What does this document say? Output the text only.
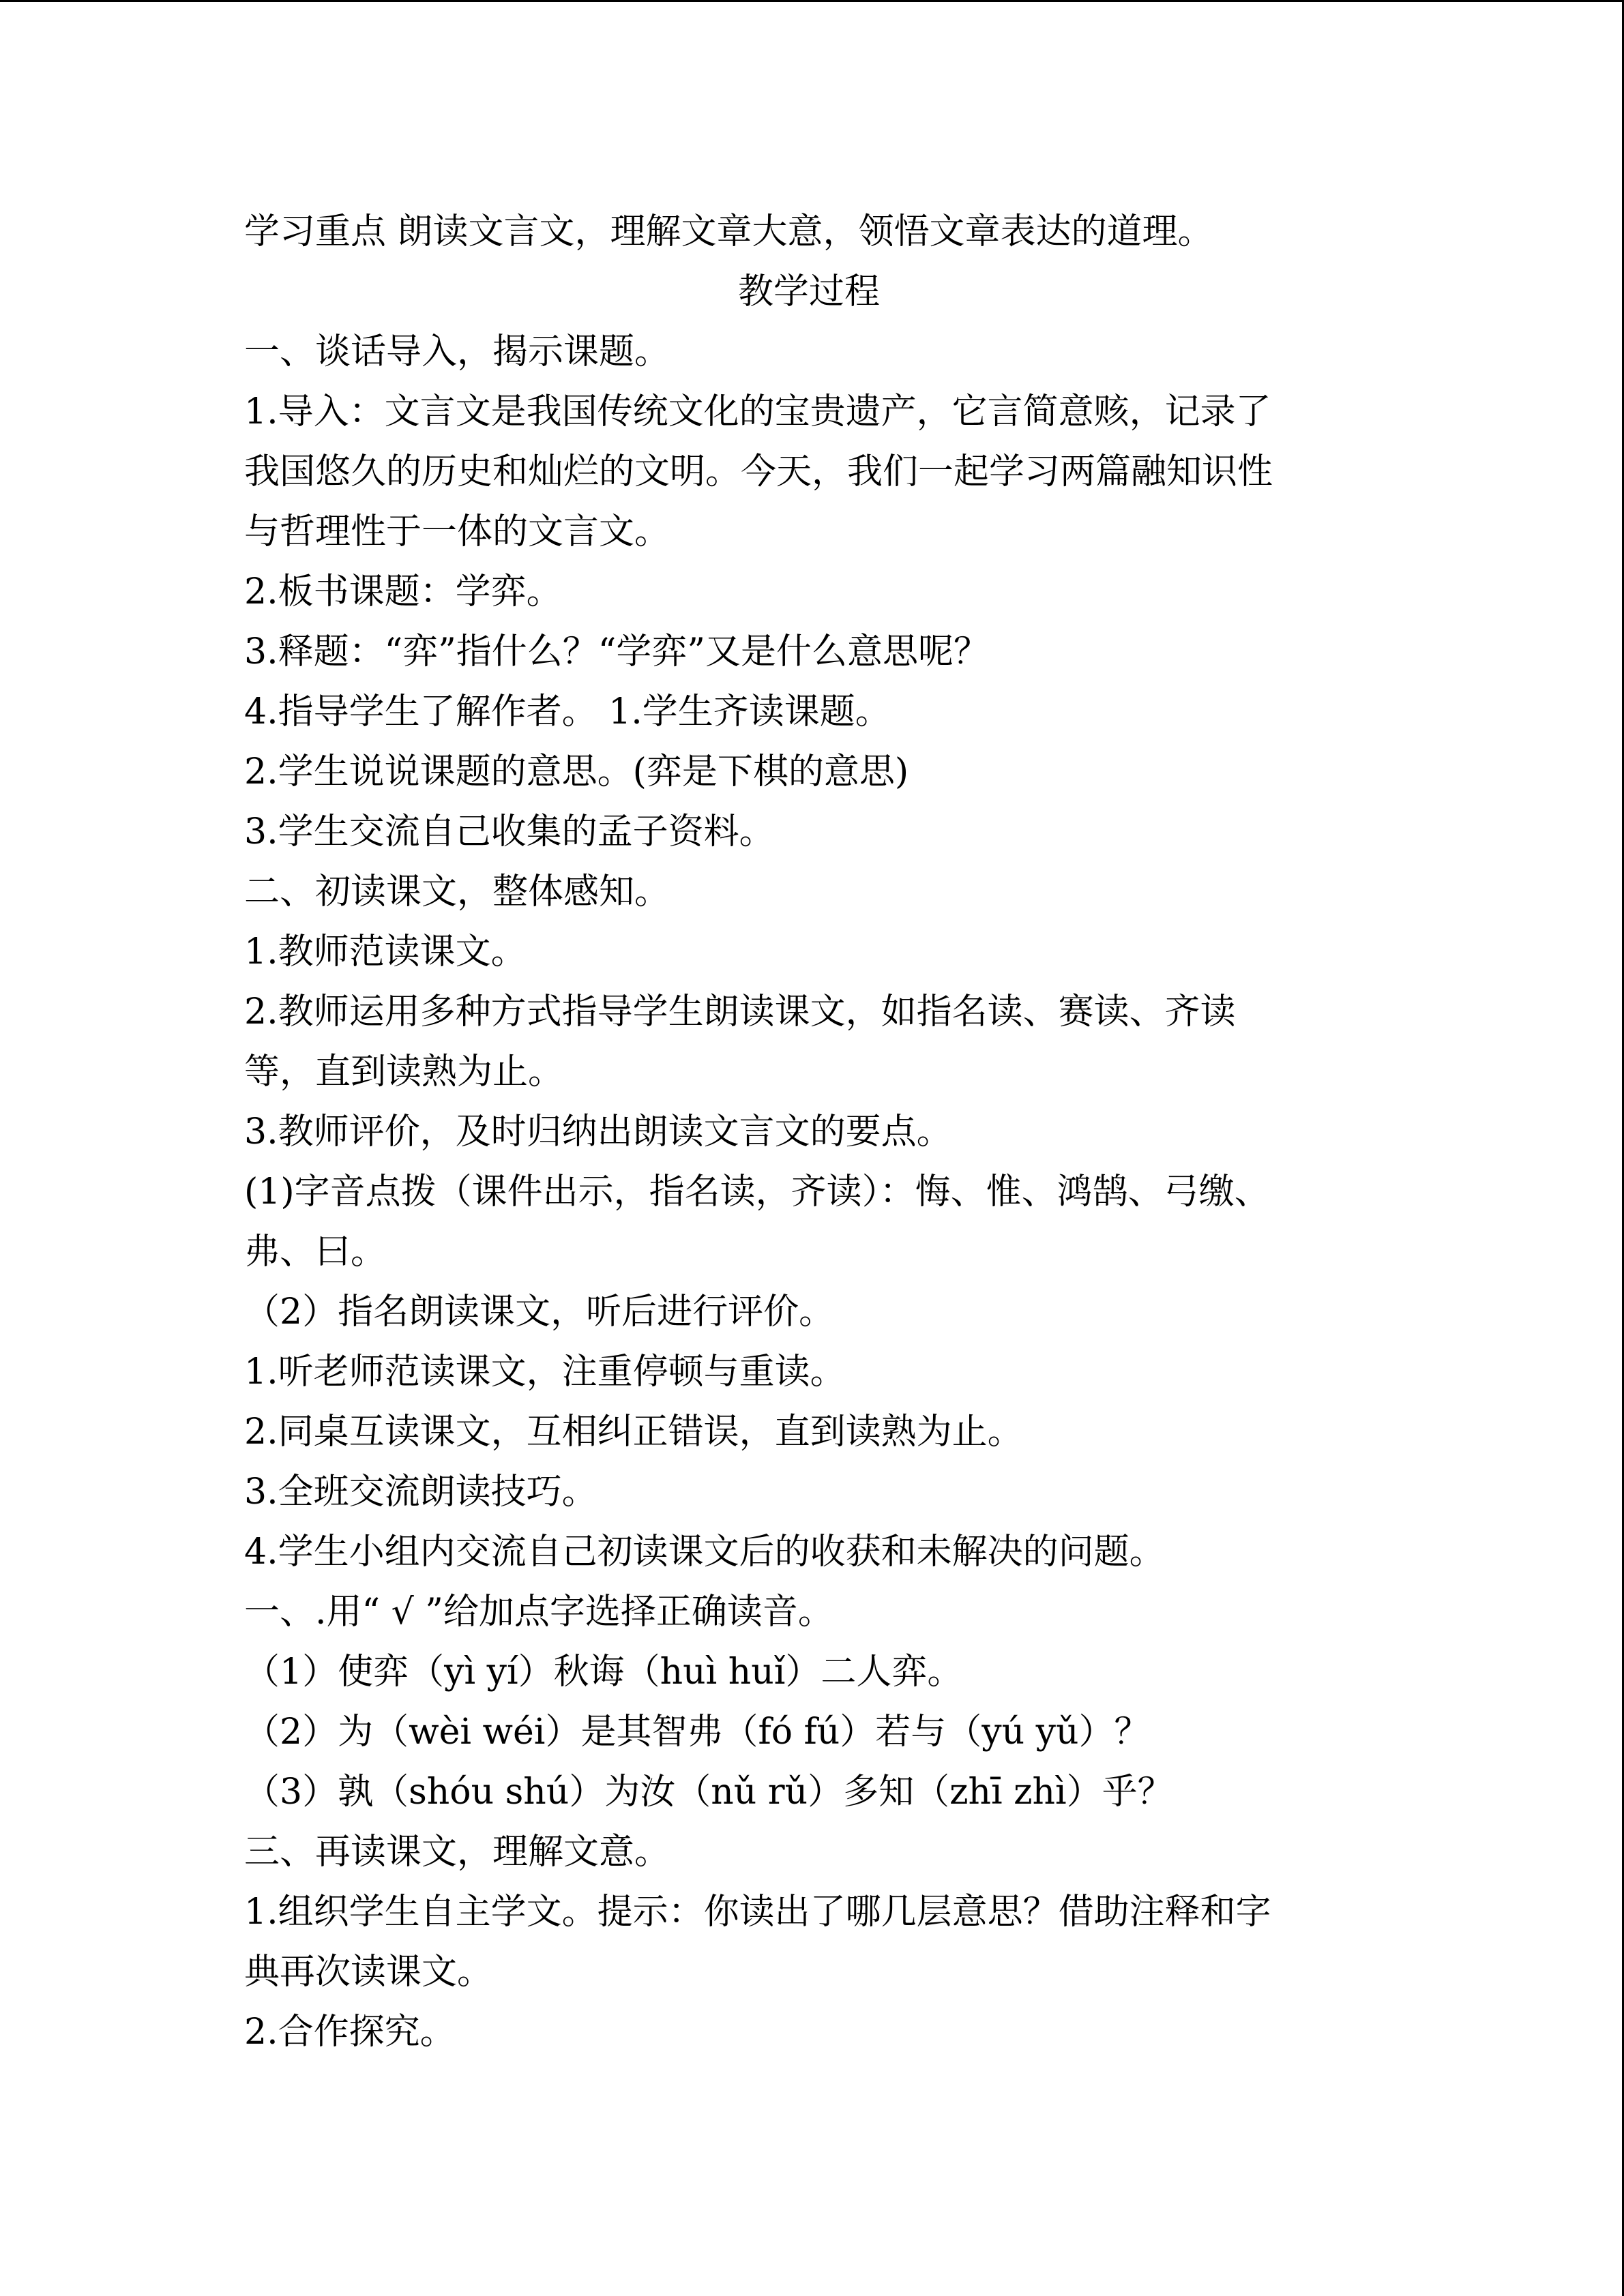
学习重点 朗读文言文，理解文章大意，领悟文章表达的道理。
教学过程
一、谈话导入，揭示课题。
1.导入：文言文是我国传统文化的宝贵遗产，它言简意赅，记录了
我国悠久的历史和灿烂的文明。今天，我们一起学习两篇融知识性
与哲理性于一体的文言文。
2.板书课题：学弈。
3.释题：“弈”指什么？“学弈”又是什么意思呢？
4.指导学生了解作者。 1.学生齐读课题。
2.学生说说课题的意思。(弈是下棋的意思)
3.学生交流自己收集的孟子资料。
二、初读课文，整体感知。
1.教师范读课文。
2.教师运用多种方式指导学生朗读课文，如指名读、赛读、齐读
等，直到读熟为止。
3.教师评价，及时归纳出朗读文言文的要点。
(1)字音点拨（课件出示，指名读，齐读）：悔、惟、鸿鹄、弓缴、
弗、曰。
（2）指名朗读课文，听后进行评价。
1.听老师范读课文，注重停顿与重读。
2.同桌互读课文，互相纠正错误，直到读熟为止。
3.全班交流朗读技巧。
4.学生小组内交流自己初读课文后的收获和未解决的问题。
一、.用“ √ ”给加点字选择正确读音。
（1）使弈（yì yí）秋诲（huì huǐ）二人弈。
（2）为（wèi wéi）是其智弗（fó fú）若与（yú yǔ）？
（3）孰（shóu shú）为汝（nǔ rǔ）多知（zhī zhì）乎？
三、再读课文，理解文意。
1.组织学生自主学文。提示：你读出了哪几层意思？借助注释和字
典再次读课文。
2.合作探究。
